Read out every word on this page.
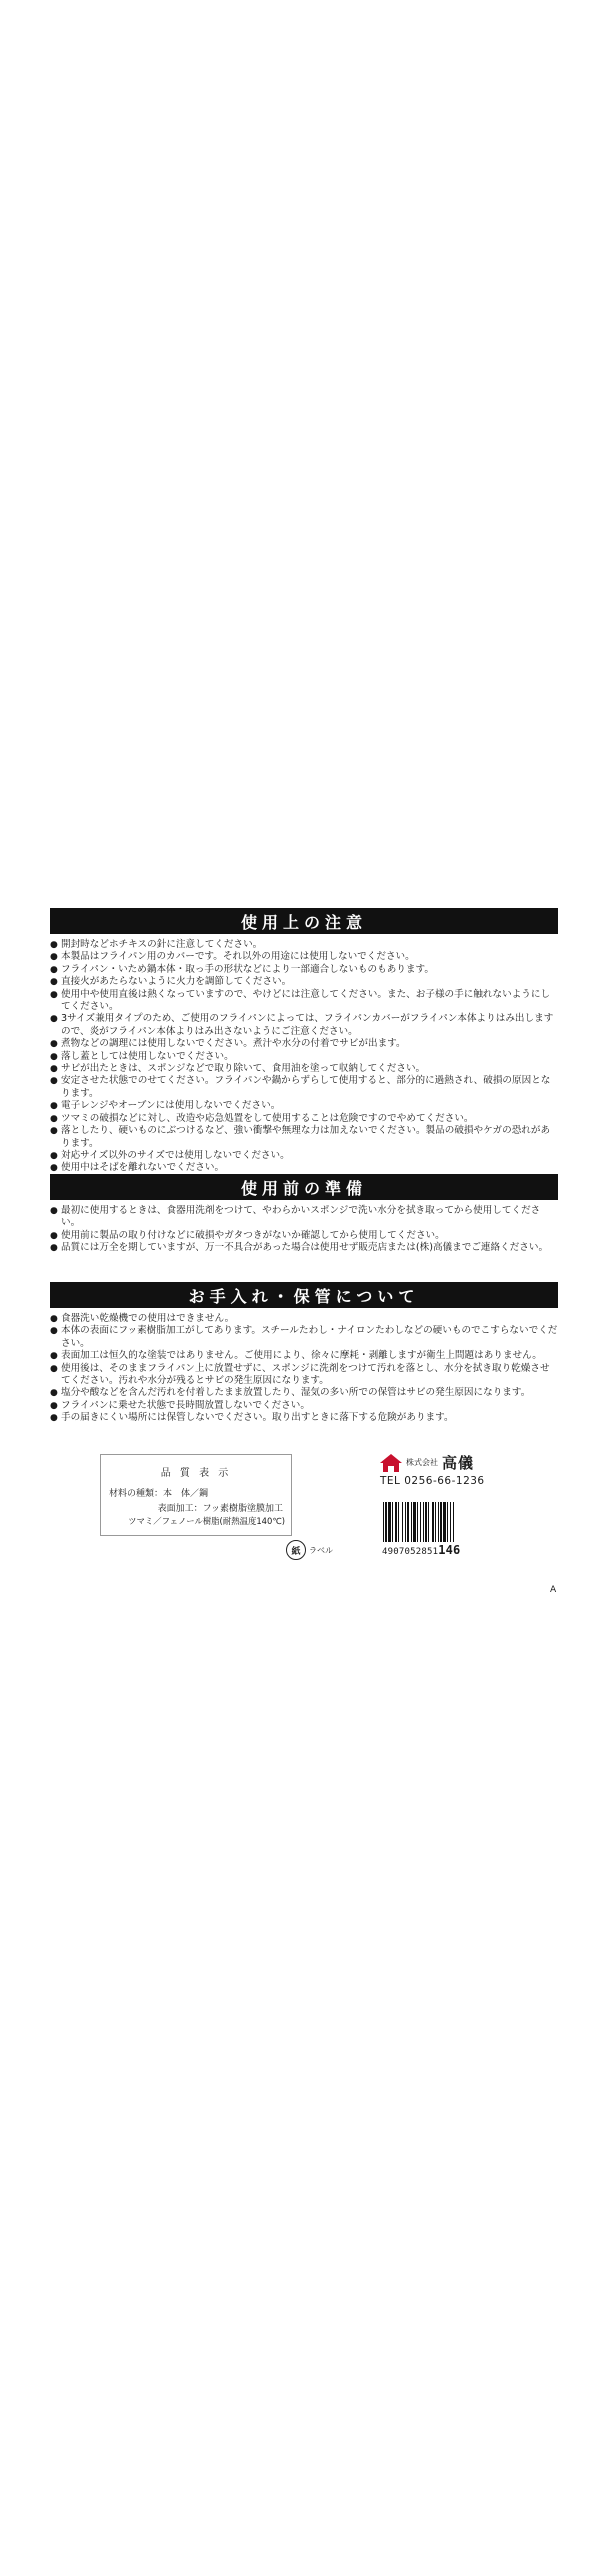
使用上の注意
● 開封時などホチキスの針に注意してください。
● 本製品はフライパン用のカバーです。それ以外の用途には使用しないでください。
● フライパン・いため鍋本体・取っ手の形状などにより一部適合しないものもあります。
● 直接火があたらないように火力を調節してください。
● 使用中や使用直後は熱くなっていますので、やけどには注意してください。また、お子様の手に触れないようにしてください。
● 3サイズ兼用タイプのため、ご使用のフライパンによっては、フライパンカバーがフライパン本体よりはみ出しますので、炎がフライパン本体よりはみ出さないようにご注意ください。
● 煮物などの調理には使用しないでください。煮汁や水分の付着でサビが出ます。
● 落し蓋としては使用しないでください。
● サビが出たときは、スポンジなどで取り除いて、食用油を塗って収納してください。
● 安定させた状態でのせてください。フライパンや鍋からずらして使用すると、部分的に過熱され、破損の原因となります。
● 電子レンジやオーブンには使用しないでください。
● ツマミの破損などに対し、改造や応急処置をして使用することは危険ですのでやめてください。
● 落としたり、硬いものにぶつけるなど、強い衝撃や無理な力は加えないでください。製品の破損やケガの恐れがあります。
● 対応サイズ以外のサイズでは使用しないでください。
● 使用中はそばを離れないでください。
●
使用前の準備
● 最初に使用するときは、食器用洗剤をつけて、やわらかいスポンジで洗い水分を拭き取ってから使用してください。
● 使用前に製品の取り付けなどに破損やガタつきがないか確認してから使用してください。
● 品質には万全を期していますが、万一不具合があった場合は使用せず販売店または(株)高儀までご連絡ください。
お手入れ・保管について
● 食器洗い乾燥機での使用はできません。
● 本体の表面にフッ素樹脂加工がしてあります。スチールたわし・ナイロンたわしなどの硬いものでこすらないでください。
● 表面加工は恒久的な塗装ではありません。ご使用により、徐々に摩耗・剥離しますが衛生上問題はありません。
● 使用後は、そのままフライパン上に放置せずに、スポンジに洗剤をつけて汚れを落とし、水分を拭き取り乾燥させてください。汚れや水分が残るとサビの発生原因になります。
● 塩分や酸などを含んだ汚れを付着したまま放置したり、湿気の多い所での保管はサビの発生原因になります。
● フライパンに乗せた状態で長時間放置しないでください。
● 手の届きにくい場所には保管しないでください。取り出すときに落下する危険があります。
品 質 表 示
材料の種類：本　体／鋼
表面加工：フッ素樹脂塗膜加工
ツマミ／フェノール樹脂(耐熱温度140℃)
紙	ラベル
株式会社 高儀
TEL 0256-66-1236
4907052851146
A
